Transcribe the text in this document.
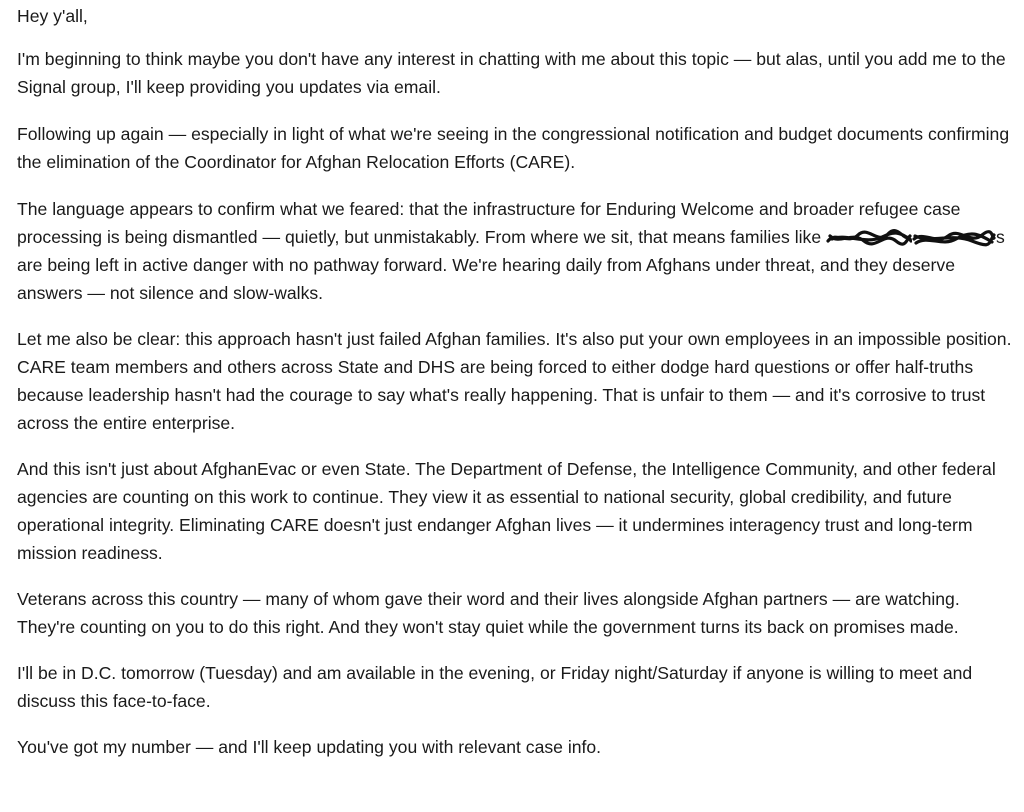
Hey y'all,

I'm beginning to think maybe you don't have any interest in chatting with me about this topic — but alas, until you add me to the Signal group, I'll keep providing you updates via email.

Following up again — especially in light of what we're seeing in the congressional notification and budget documents confirming the elimination of the Coordinator for Afghan Relocation Efforts (CARE).

The language appears to confirm what we feared: that the infrastructure for Enduring Welcome and broader refugee case processing is being dismantled — quietly, but unmistakably. From where we sit, that means families like	s are being left in active danger with no pathway forward. We're hearing daily from Afghans under threat, and they deserve answers — not silence and slow-walks.

Let me also be clear: this approach hasn't just failed Afghan families. It's also put your own employees in an impossible position. CARE team members and others across State and DHS are being forced to either dodge hard questions or offer half-truths because leadership hasn't had the courage to say what's really happening. That is unfair to them — and it's corrosive to trust across the entire enterprise.

And this isn't just about AfghanEvac or even State. The Department of Defense, the Intelligence Community, and other federal agencies are counting on this work to continue. They view it as essential to national security, global credibility, and future operational integrity. Eliminating CARE doesn't just endanger Afghan lives — it undermines interagency trust and long-term mission readiness.

Veterans across this country — many of whom gave their word and their lives alongside Afghan partners — are watching. They're counting on you to do this right. And they won't stay quiet while the government turns its back on promises made.

I'll be in D.C. tomorrow (Tuesday) and am available in the evening, or Friday night/Saturday if anyone is willing to meet and discuss this face-to-face.

You've got my number — and I'll keep updating you with relevant case info.
